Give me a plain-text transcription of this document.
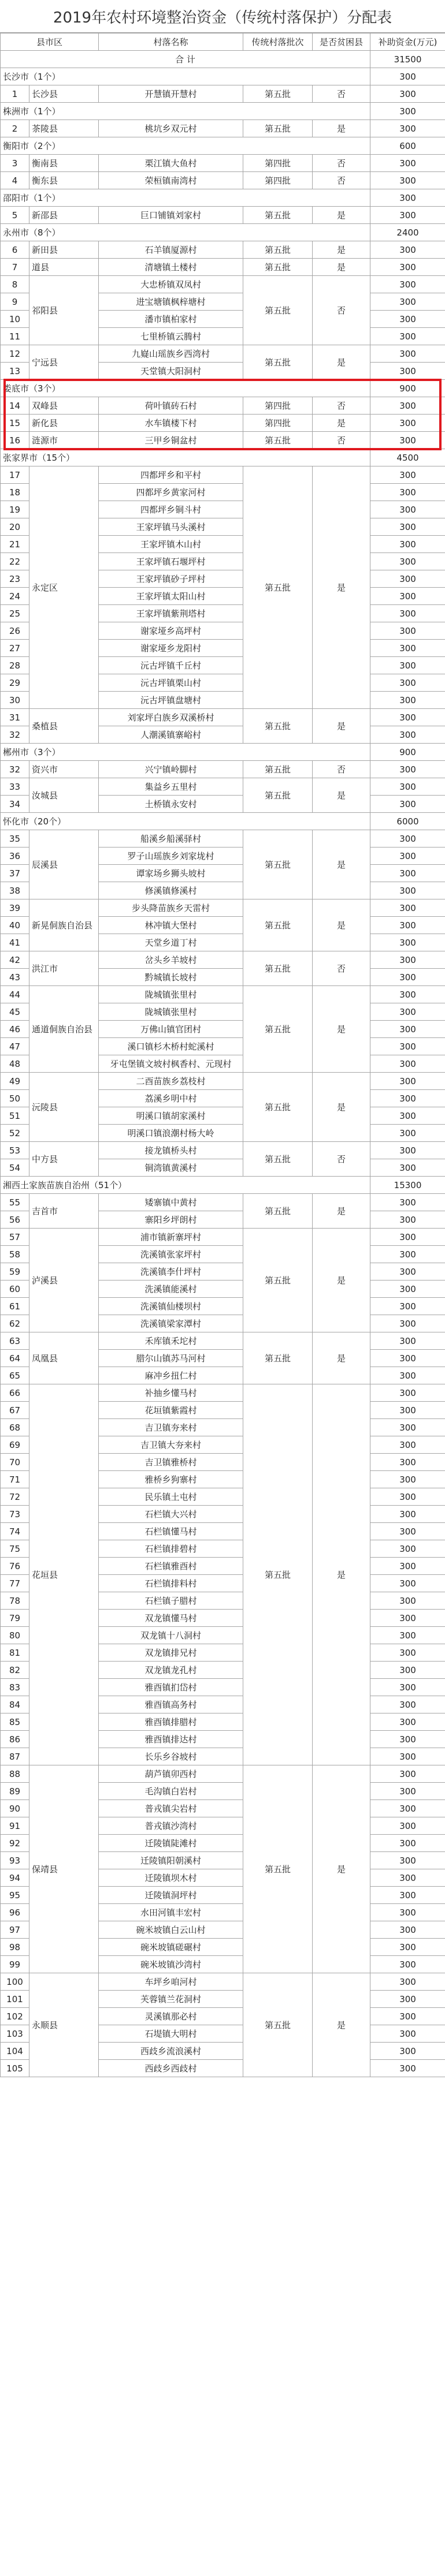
2019年农村环境整治资金（传统村落保护）分配表
县市区		村落名称	传统村落批次	是否贫困县	补助资金(万元)
合 计					31500
长沙市（1个）					300
1	长沙县	开慧镇开慧村	第五批	否	300
株洲市（1个）					300
2	茶陵县	桃坑乡双元村	第五批	是	300
衡阳市（2个）					600
3	衡南县	栗江镇大鱼村	第四批	否	300
4	衡东县	荣桓镇南湾村	第四批	否	300
邵阳市（1个）					300
5	新邵县	巨口铺镇刘家村	第五批	是	300
永州市（8个）					2400
6	新田县	石羊镇厦源村	第五批	是	300
7	道县	清塘镇土楼村	第五批	是	300
8	祁阳县	大忠桥镇双凤村	第五批	否	300
9		进宝塘镇枫梓塘村			300
10		潘市镇柏家村			300
11		七里桥镇云腾村			300
12	宁远县	九嶷山瑶族乡西湾村	第五批	是	300
13		天堂镇大阳洞村			300
娄底市（3个）					900
14	双峰县	荷叶镇砖石村	第四批	否	300
15	新化县	水车镇楼下村	第四批	是	300
16	涟源市	三甲乡铜盆村	第五批	否	300
张家界市（15个）					4500
17	永定区	四都坪乡和平村	第五批	是	300
18		四都坪乡黄家河村			300
19		四都坪乡铜斗村			300
20		王家坪镇马头溪村			300
21		王家坪镇木山村			300
22		王家坪镇石堰坪村			300
23		王家坪镇砂子坪村			300
24		王家坪镇太阳山村			300
25		王家坪镇紫荆塔村			300
26		谢家垭乡高坪村			300
27		谢家垭乡龙阳村			300
28		沅古坪镇千丘村			300
29		沅古坪镇栗山村			300
30		沅古坪镇盘塘村			300
31	桑植县	刘家坪白族乡双溪桥村	第五批	是	300
32		人潮溪镇寨峪村			300
郴州市（3个）					900
32	资兴市	兴宁镇岭脚村	第五批	否	300
33	汝城县	集益乡五里村	第五批	是	300
34		土桥镇永安村			300
怀化市（20个）					6000
35	辰溪县	船溪乡船溪驿村	第五批	是	300
36		罗子山瑶族乡刘家垅村			300
37		谭家场乡狮头坡村			300
38		修溪镇修溪村			300
39	新晃侗族自治县	步头降苗族乡天雷村	第五批	是	300
40		林冲镇大堡村			300
41		天堂乡道丁村			300
42	洪江市	岔头乡羊坡村	第五批	否	300
43		黔城镇长坡村			300
44	通道侗族自治县	陇城镇张里村	第五批	是	300
45		陇城镇张里村			300
46		万佛山镇官团村			300
47		溪口镇杉木桥村蛇溪村			300
48		牙屯堡镇文坡村枫香村、元现村			300
49	沅陵县	二酉苗族乡荔枝村	第五批	是	300
50		荔溪乡明中村			300
51		明溪口镇胡家溪村			300
52		明溪口镇浪潮村杨大岭			300
53	中方县	接龙镇桥头村	第五批	否	300
54		铜湾镇黄溪村			300
湘西土家族苗族自治州（51个）					15300
55	吉首市	矮寨镇中黄村	第五批	是	300
56		寨阳乡坪朗村			300
57	泸溪县	浦市镇新寨坪村	第五批	是	300
58		洗溪镇张家坪村			300
59		洗溪镇李什坪村			300
60		洗溪镇能溪村			300
61		洗溪镇仙楼坝村			300
62		洗溪镇梁家潭村			300
63	凤凰县	禾库镇禾坨村	第五批	是	300
64		腊尔山镇苏马河村			300
65		麻冲乡扭仁村			300
66	花垣县	补抽乡懂马村	第五批	是	300
67		花垣镇紫霞村			300
68		吉卫镇夯来村			300
69		吉卫镇大夯来村			300
70		吉卫镇雅桥村			300
71		雅桥乡狗寨村			300
72		民乐镇土屯村			300
73		石栏镇大兴村			300
74		石栏镇懂马村			300
75		石栏镇排碧村			300
76		石栏镇雅酉村			300
77		石栏镇排料村			300
78		石栏镇子腊村			300
79		双龙镇懂马村			300
80		双龙镇十八洞村			300
81		双龙镇排兄村			300
82		双龙镇龙孔村			300
83		雅酉镇扪岱村			300
84		雅酉镇高务村			300
85		雅酉镇排腊村			300
86		雅酉镇排达村			300
87		长乐乡谷坡村			300
88	保靖县	葫芦镇卯西村	第五批	是	300
89		毛沟镇白岩村			300
90		普戎镇尖岩村			300
91		普戎镇沙湾村			300
92		迁陵镇陡滩村			300
93		迁陵镇阳朝溪村			300
94		迁陵镇坝木村			300
95		迁陵镇洞坪村			300
96		水田河镇丰宏村			300
97		碗米坡镇白云山村			300
98		碗米坡镇磋碾村			300
99		碗米坡镇沙湾村			300
100	永顺县	车坪乡咱河村	第五批	是	300
101		芙蓉镇兰花洞村			300
102		灵溪镇那必村			300
103		石堤镇大明村			300
104		西歧乡流浪溪村			300
105		西歧乡西歧村			300
